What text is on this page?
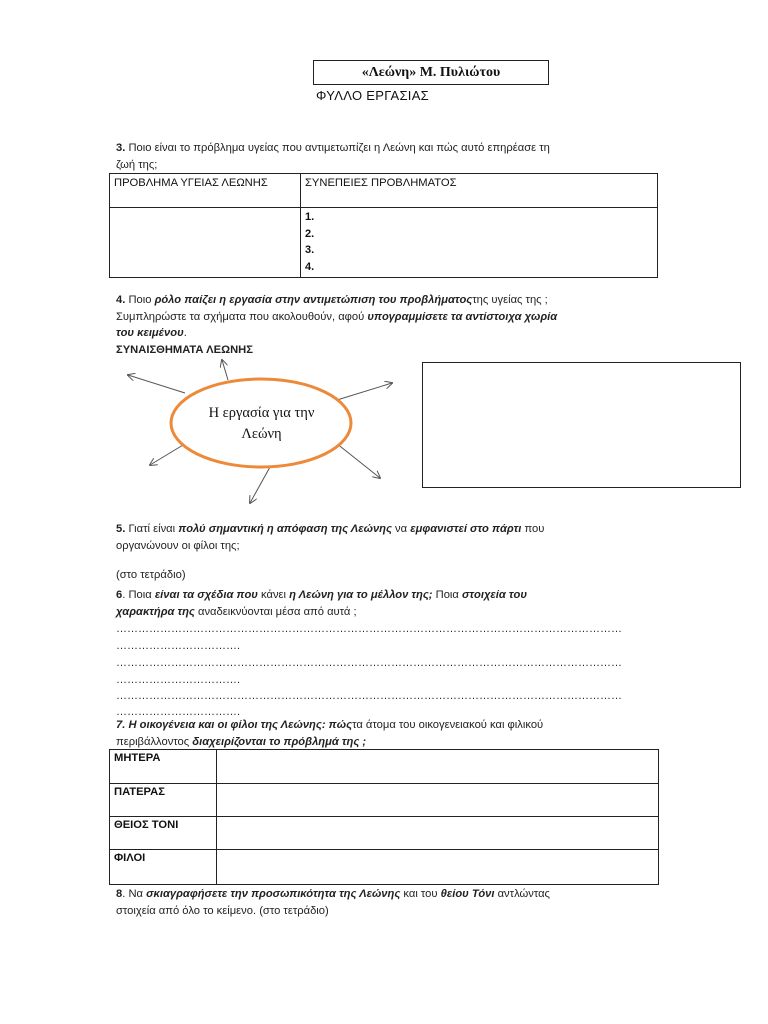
«Λεώνη» Μ. Πυλιώτου
ΦΥΛΛΟ ΕΡΓΑΣΙΑΣ
3. Ποιο είναι το πρόβλημα υγείας που αντιμετωπίζει η Λεώνη και πώς αυτό επηρέασε τη
ζωή της;
ΠΡΟΒΛΗΜΑ ΥΓΕΙΑΣ ΛΕΩΝΗΣ	ΣΥΝΕΠΕΙΕΣ ΠΡΟΒΛΗΜΑΤΟΣ

	1.
2.
3.
4.
4. Ποιο ρόλο παίζει η εργασία στην αντιμετώπιση του προβλήματοςτης υγείας της ;
Συμπληρώστε τα σχήματα που ακολουθούν, αφού υπογραμμίσετε τα αντίστοιχα χωρία
του κειμένου.
ΣΥΝΑΙΣΘΗΜΑΤΑ ΛΕΩΝΗΣ
Η εργασία για την
Λεώνη
5. Γιατί είναι πολύ σημαντική η απόφαση της Λεώνης να εμφανιστεί στο πάρτι που
οργανώνουν οι φίλοι της;

(στο τετράδιο)
6. Ποια είναι τα σχέδια που κάνει η Λεώνη για το μέλλον της; Ποια στοιχεία του
χαρακτήρα της αναδεικνύονται μέσα από αυτά ;
…………………………………………………………………………………………………………………………
…………………………….
…………………………………………………………………………………………………………………………
…………………………….
…………………………………………………………………………………………………………………………
…………………………….
7. Η οικογένεια και οι φίλοι της Λεώνης: πώςτα άτομα του οικογενειακού και φιλικού
περιβάλλοντος διαχειρίζονται το πρόβλημά της ;
ΜΗΤΕΡΑ	
ΠΑΤΕΡΑΣ	
ΘΕΙΟΣ ΤΟΝΙ	
ΦΙΛΟΙ	
8. Να σκιαγραφήσετε την προσωπικότητα της Λεώνης και του θείου Τόνι αντλώντας
στοιχεία από όλο το κείμενο. (στο τετράδιο)
